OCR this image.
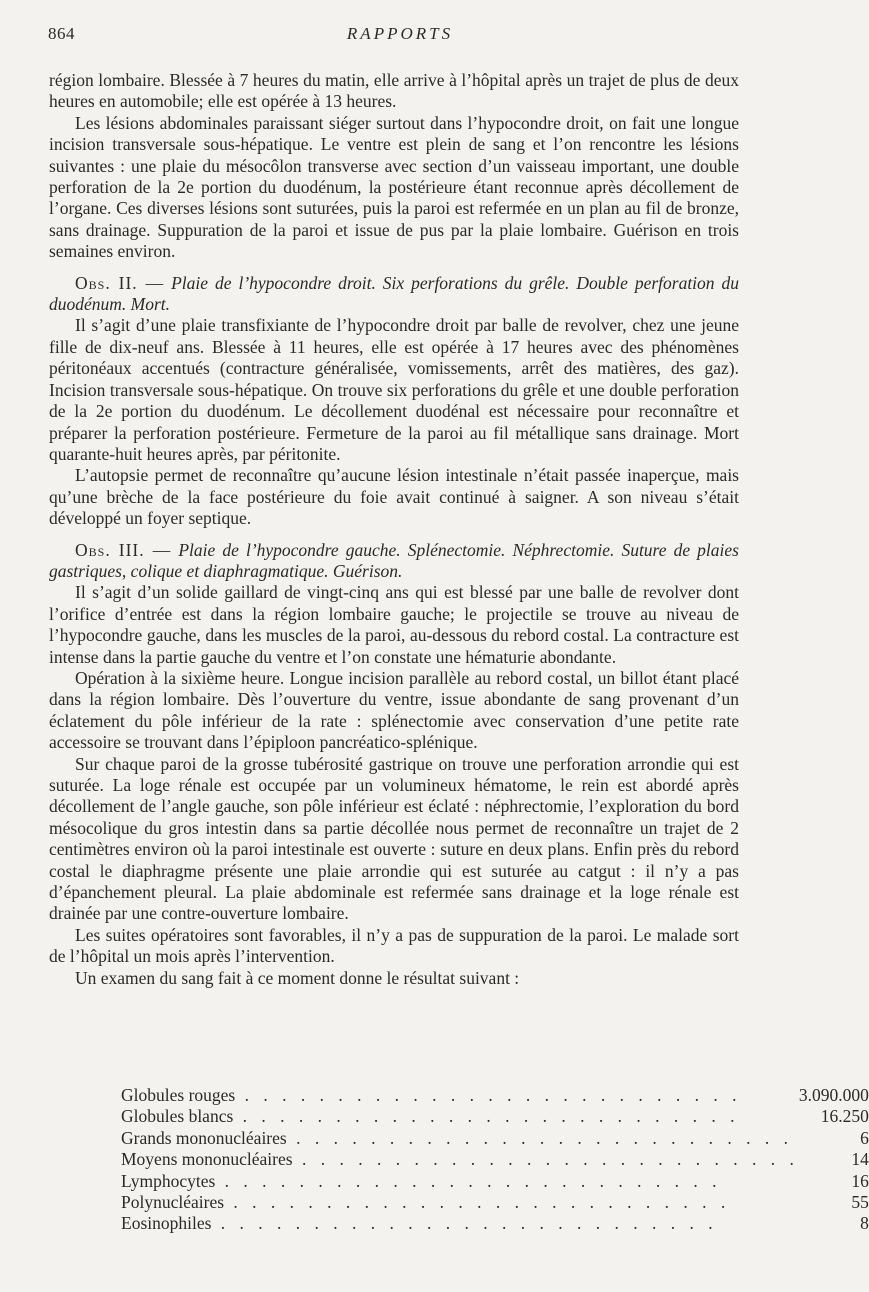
864	RAPPORTS

région lombaire. Blessée à 7 heures du matin, elle arrive à l’hôpital après un trajet de plus de deux heures en automobile; elle est opérée à 13 heures.

Les lésions abdominales paraissant siéger surtout dans l’hypocondre droit, on fait une longue incision transversale sous-hépatique. Le ventre est plein de sang et l’on rencontre les lésions suivantes : une plaie du mésocôlon transverse avec section d’un vaisseau important, une double perforation de la 2e portion du duodénum, la postérieure étant reconnue après décollement de l’organe. Ces diverses lésions sont suturées, puis la paroi est refermée en un plan au fil de bronze, sans drainage. Suppuration de la paroi et issue de pus par la plaie lombaire. Guérison en trois semaines environ.

Obs. II. — Plaie de l’hypocondre droit. Six perforations du grêle. Double perforation du duodénum. Mort.

Il s’agit d’une plaie transfixiante de l’hypocondre droit par balle de revolver, chez une jeune fille de dix-neuf ans. Blessée à 11 heures, elle est opérée à 17 heures avec des phénomènes péritonéaux accentués (contracture généralisée, vomissements, arrêt des matières, des gaz). Incision transversale sous-hépatique. On trouve six perforations du grêle et une double perforation de la 2e portion du duodénum. Le décollement duodénal est nécessaire pour reconnaître et préparer la perforation postérieure. Fermeture de la paroi au fil métallique sans drainage. Mort quarante-huit heures après, par péritonite.

L’autopsie permet de reconnaître qu’aucune lésion intestinale n’était passée inaperçue, mais qu’une brèche de la face postérieure du foie avait continué à saigner. A son niveau s’était développé un foyer septique.

Obs. III. — Plaie de l’hypocondre gauche. Splénectomie. Néphrectomie. Suture de plaies gastriques, colique et diaphragmatique. Guérison.

Il s’agit d’un solide gaillard de vingt-cinq ans qui est blessé par une balle de revolver dont l’orifice d’entrée est dans la région lombaire gauche; le projectile se trouve au niveau de l’hypocondre gauche, dans les muscles de la paroi, au-dessous du rebord costal. La contracture est intense dans la partie gauche du ventre et l’on constate une hématurie abondante.

Opération à la sixième heure. Longue incision parallèle au rebord costal, un billot étant placé dans la région lombaire. Dès l’ouverture du ventre, issue abondante de sang provenant d’un éclatement du pôle inférieur de la rate : splénectomie avec conservation d’une petite rate accessoire se trouvant dans l’épiploon pancréatico-splénique.

Sur chaque paroi de la grosse tubérosité gastrique on trouve une perforation arrondie qui est suturée. La loge rénale est occupée par un volumineux hématome, le rein est abordé après décollement de l’angle gauche, son pôle inférieur est éclaté : néphrectomie, l’exploration du bord mésocolique du gros intestin dans sa partie décollée nous permet de reconnaître un trajet de 2 centimètres environ où la paroi intestinale est ouverte : suture en deux plans. Enfin près du rebord costal le diaphragme présente une plaie arrondie qui est suturée au catgut : il n’y a pas d’épanchement pleural. La plaie abdominale est refermée sans drainage et la loge rénale est drainée par une contre-ouverture lombaire.

Les suites opératoires sont favorables, il n’y a pas de suppuration de la paroi. Le malade sort de l’hôpital un mois après l’intervention.

Un examen du sang fait à ce moment donne le résultat suivant :

Globules rouges . . . . . . . . . . . . . . . . . . . . . . . . . . .	3.090.000
Globules blancs . . . . . . . . . . . . . . . . . . . . . . . . . . .	16.250
Grands mononucléaires . . . . . . . . . . . . . . . . . . . . . . . . . . .	6
Moyens mononucléaires . . . . . . . . . . . . . . . . . . . . . . . . . . .	14
Lymphocytes . . . . . . . . . . . . . . . . . . . . . . . . . . .	16
Polynucléaires . . . . . . . . . . . . . . . . . . . . . . . . . . .	55
Eosinophiles . . . . . . . . . . . . . . . . . . . . . . . . . . .	8
